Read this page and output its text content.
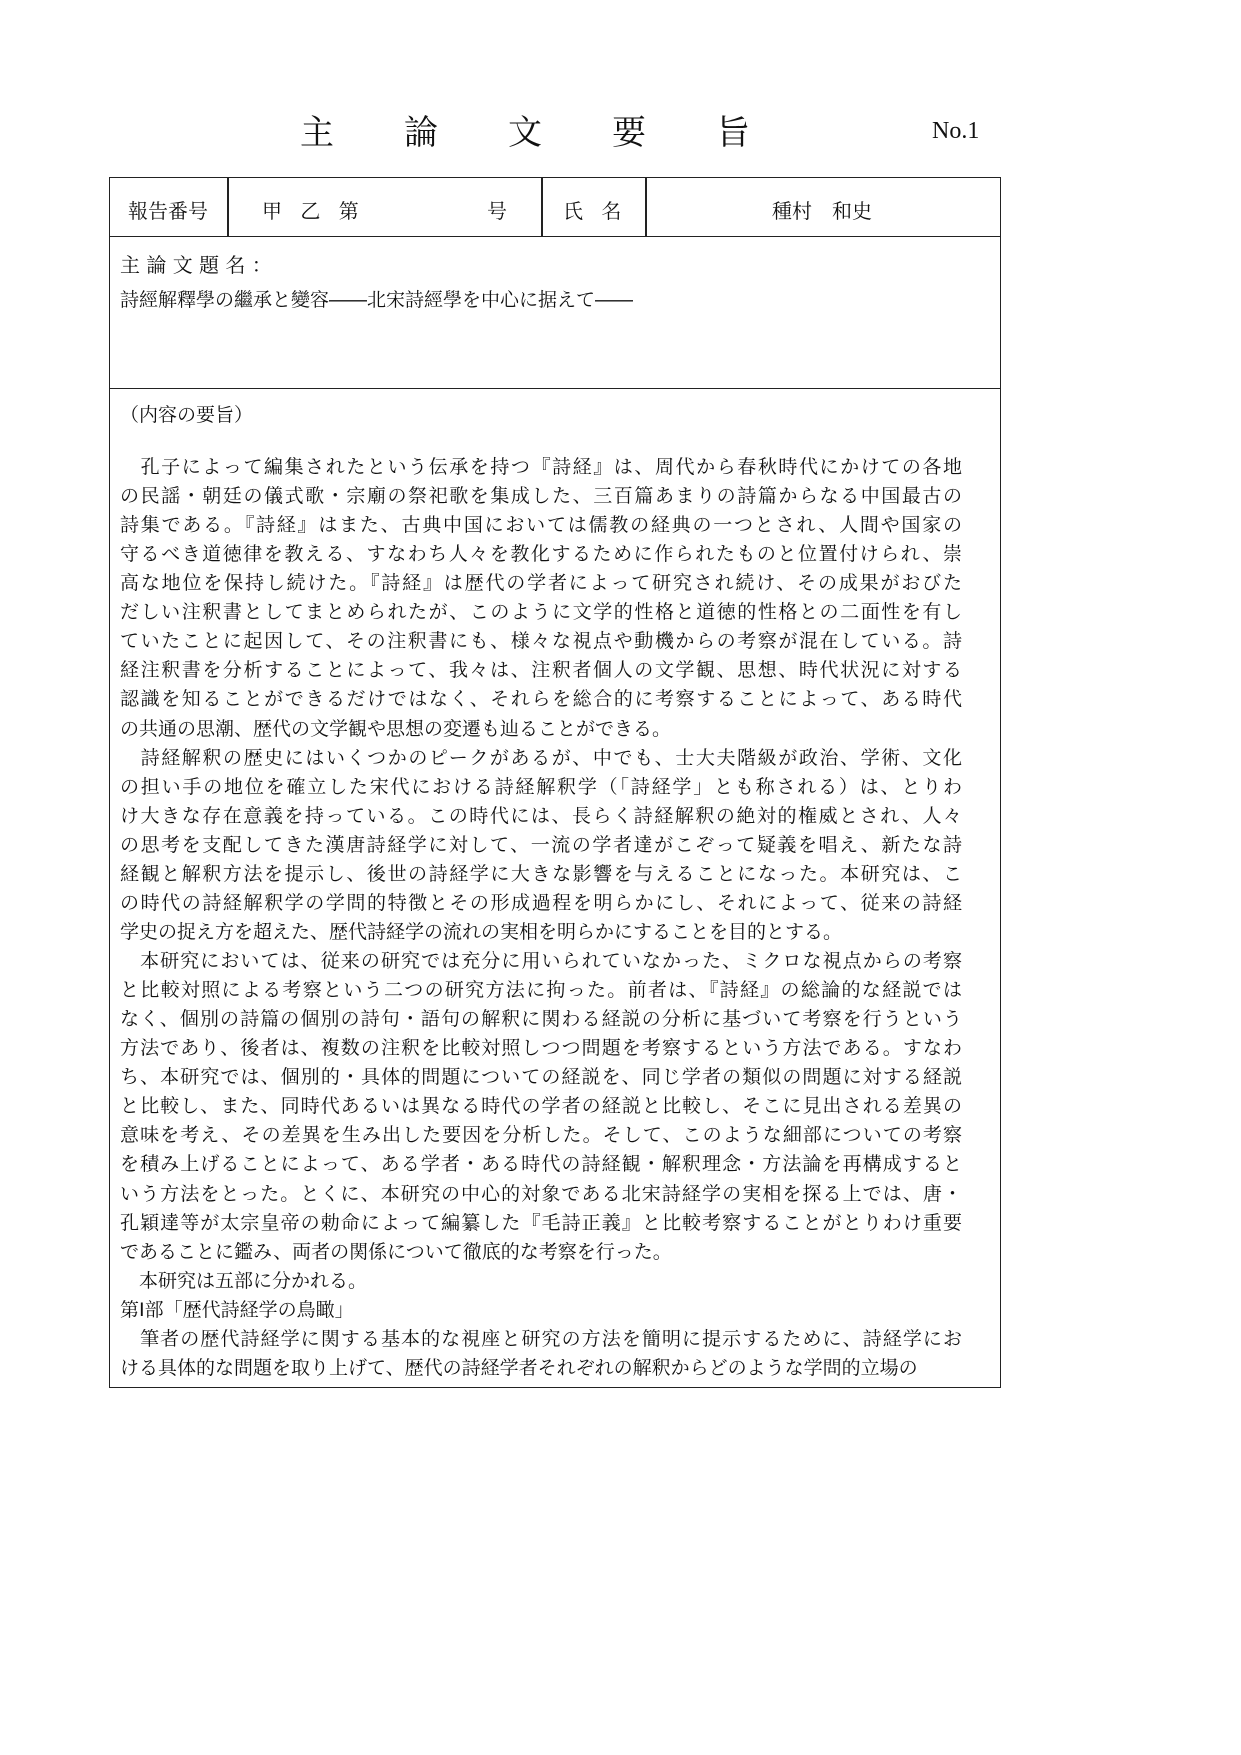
主 論 文 要 旨	No.1
報告番号	甲 乙 第	号	氏 名	種村　和史
主 論 文 題 名 ：
詩經解釋學の繼承と變容――北宋詩經學を中心に据えて――
（内容の要旨）
　孔子によって編集されたという伝承を持つ『詩経』は、周代から春秋時代にかけての各地
の民謡・朝廷の儀式歌・宗廟の祭祀歌を集成した、三百篇あまりの詩篇からなる中国最古の
詩集である。『詩経』はまた、古典中国においては儒教の経典の一つとされ、人間や国家の
守るべき道徳律を教える、すなわち人々を教化するために作られたものと位置付けられ、崇
高な地位を保持し続けた。『詩経』は歴代の学者によって研究され続け、その成果がおびた
だしい注釈書としてまとめられたが、このように文学的性格と道徳的性格との二面性を有し
ていたことに起因して、その注釈書にも、様々な視点や動機からの考察が混在している。詩
経注釈書を分析することによって、我々は、注釈者個人の文学観、思想、時代状況に対する
認識を知ることができるだけではなく、それらを総合的に考察することによって、ある時代
の共通の思潮、歴代の文学観や思想の変遷も辿ることができる。
　詩経解釈の歴史にはいくつかのピークがあるが、中でも、士大夫階級が政治、学術、文化
の担い手の地位を確立した宋代における詩経解釈学（「詩経学」とも称される）は、とりわ
け大きな存在意義を持っている。この時代には、長らく詩経解釈の絶対的権威とされ、人々
の思考を支配してきた漢唐詩経学に対して、一流の学者達がこぞって疑義を唱え、新たな詩
経観と解釈方法を提示し、後世の詩経学に大きな影響を与えることになった。本研究は、こ
の時代の詩経解釈学の学問的特徴とその形成過程を明らかにし、それによって、従来の詩経
学史の捉え方を超えた、歴代詩経学の流れの実相を明らかにすることを目的とする。
　本研究においては、従来の研究では充分に用いられていなかった、ミクロな視点からの考察
と比較対照による考察という二つの研究方法に拘った。前者は、『詩経』の総論的な経説では
なく、個別の詩篇の個別の詩句・語句の解釈に関わる経説の分析に基づいて考察を行うという
方法であり、後者は、複数の注釈を比較対照しつつ問題を考察するという方法である。すなわ
ち、本研究では、個別的・具体的問題についての経説を、同じ学者の類似の問題に対する経説
と比較し、また、同時代あるいは異なる時代の学者の経説と比較し、そこに見出される差異の
意味を考え、その差異を生み出した要因を分析した。そして、このような細部についての考察
を積み上げることによって、ある学者・ある時代の詩経観・解釈理念・方法論を再構成すると
いう方法をとった。とくに、本研究の中心的対象である北宋詩経学の実相を探る上では、唐・
孔穎達等が太宗皇帝の勅命によって編纂した『毛詩正義』と比較考察することがとりわけ重要
であることに鑑み、両者の関係について徹底的な考察を行った。
　本研究は五部に分かれる。
第Ⅰ部「歴代詩経学の鳥瞰」
　筆者の歴代詩経学に関する基本的な視座と研究の方法を簡明に提示するために、詩経学にお
ける具体的な問題を取り上げて、歴代の詩経学者それぞれの解釈からどのような学問的立場の
